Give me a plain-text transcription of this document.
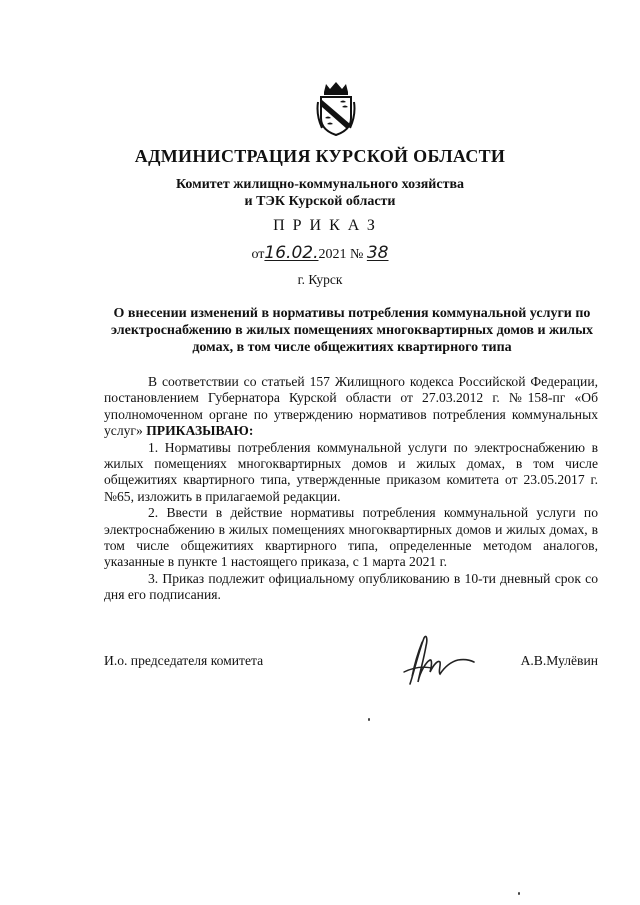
АДМИНИСТРАЦИЯ КУРСКОЙ ОБЛАСТИ
Комитет жилищно-коммунального хозяйства
и ТЭК Курской области
ПРИКАЗ
от16.02.2021 № 38
г. Курск
О внесении изменений в нормативы потребления коммунальной услуги по электроснабжению в жилых помещениях многоквартирных домов и жилых домах, в том числе общежитиях квартирного типа

В соответствии со статьей 157 Жилищного кодекса Российской Федерации, постановлением Губернатора Курской области от 27.03.2012 г. №158-пг «Об уполномоченном органе по утверждению нормативов потребления коммунальных услуг» ПРИКАЗЫВАЮ:

1. Нормативы потребления коммунальной услуги по электроснабжению в жилых помещениях многоквартирных домов и жилых домах, в том числе общежитиях квартирного типа, утвержденные приказом комитета от 23.05.2017 г. №65, изложить в прилагаемой редакции.

2. Ввести в действие нормативы потребления коммунальной услуги по электроснабжению в жилых помещениях многоквартирных домов и жилых домах, в том числе общежитиях квартирного типа, определенные методом аналогов, указанные в пункте 1 настоящего приказа, с 1 марта 2021 г.

3. Приказ подлежит официальному опубликованию в 10-ти дневный срок со дня его подписания.

И.о. председателя комитета	А.В.Мулёвин
